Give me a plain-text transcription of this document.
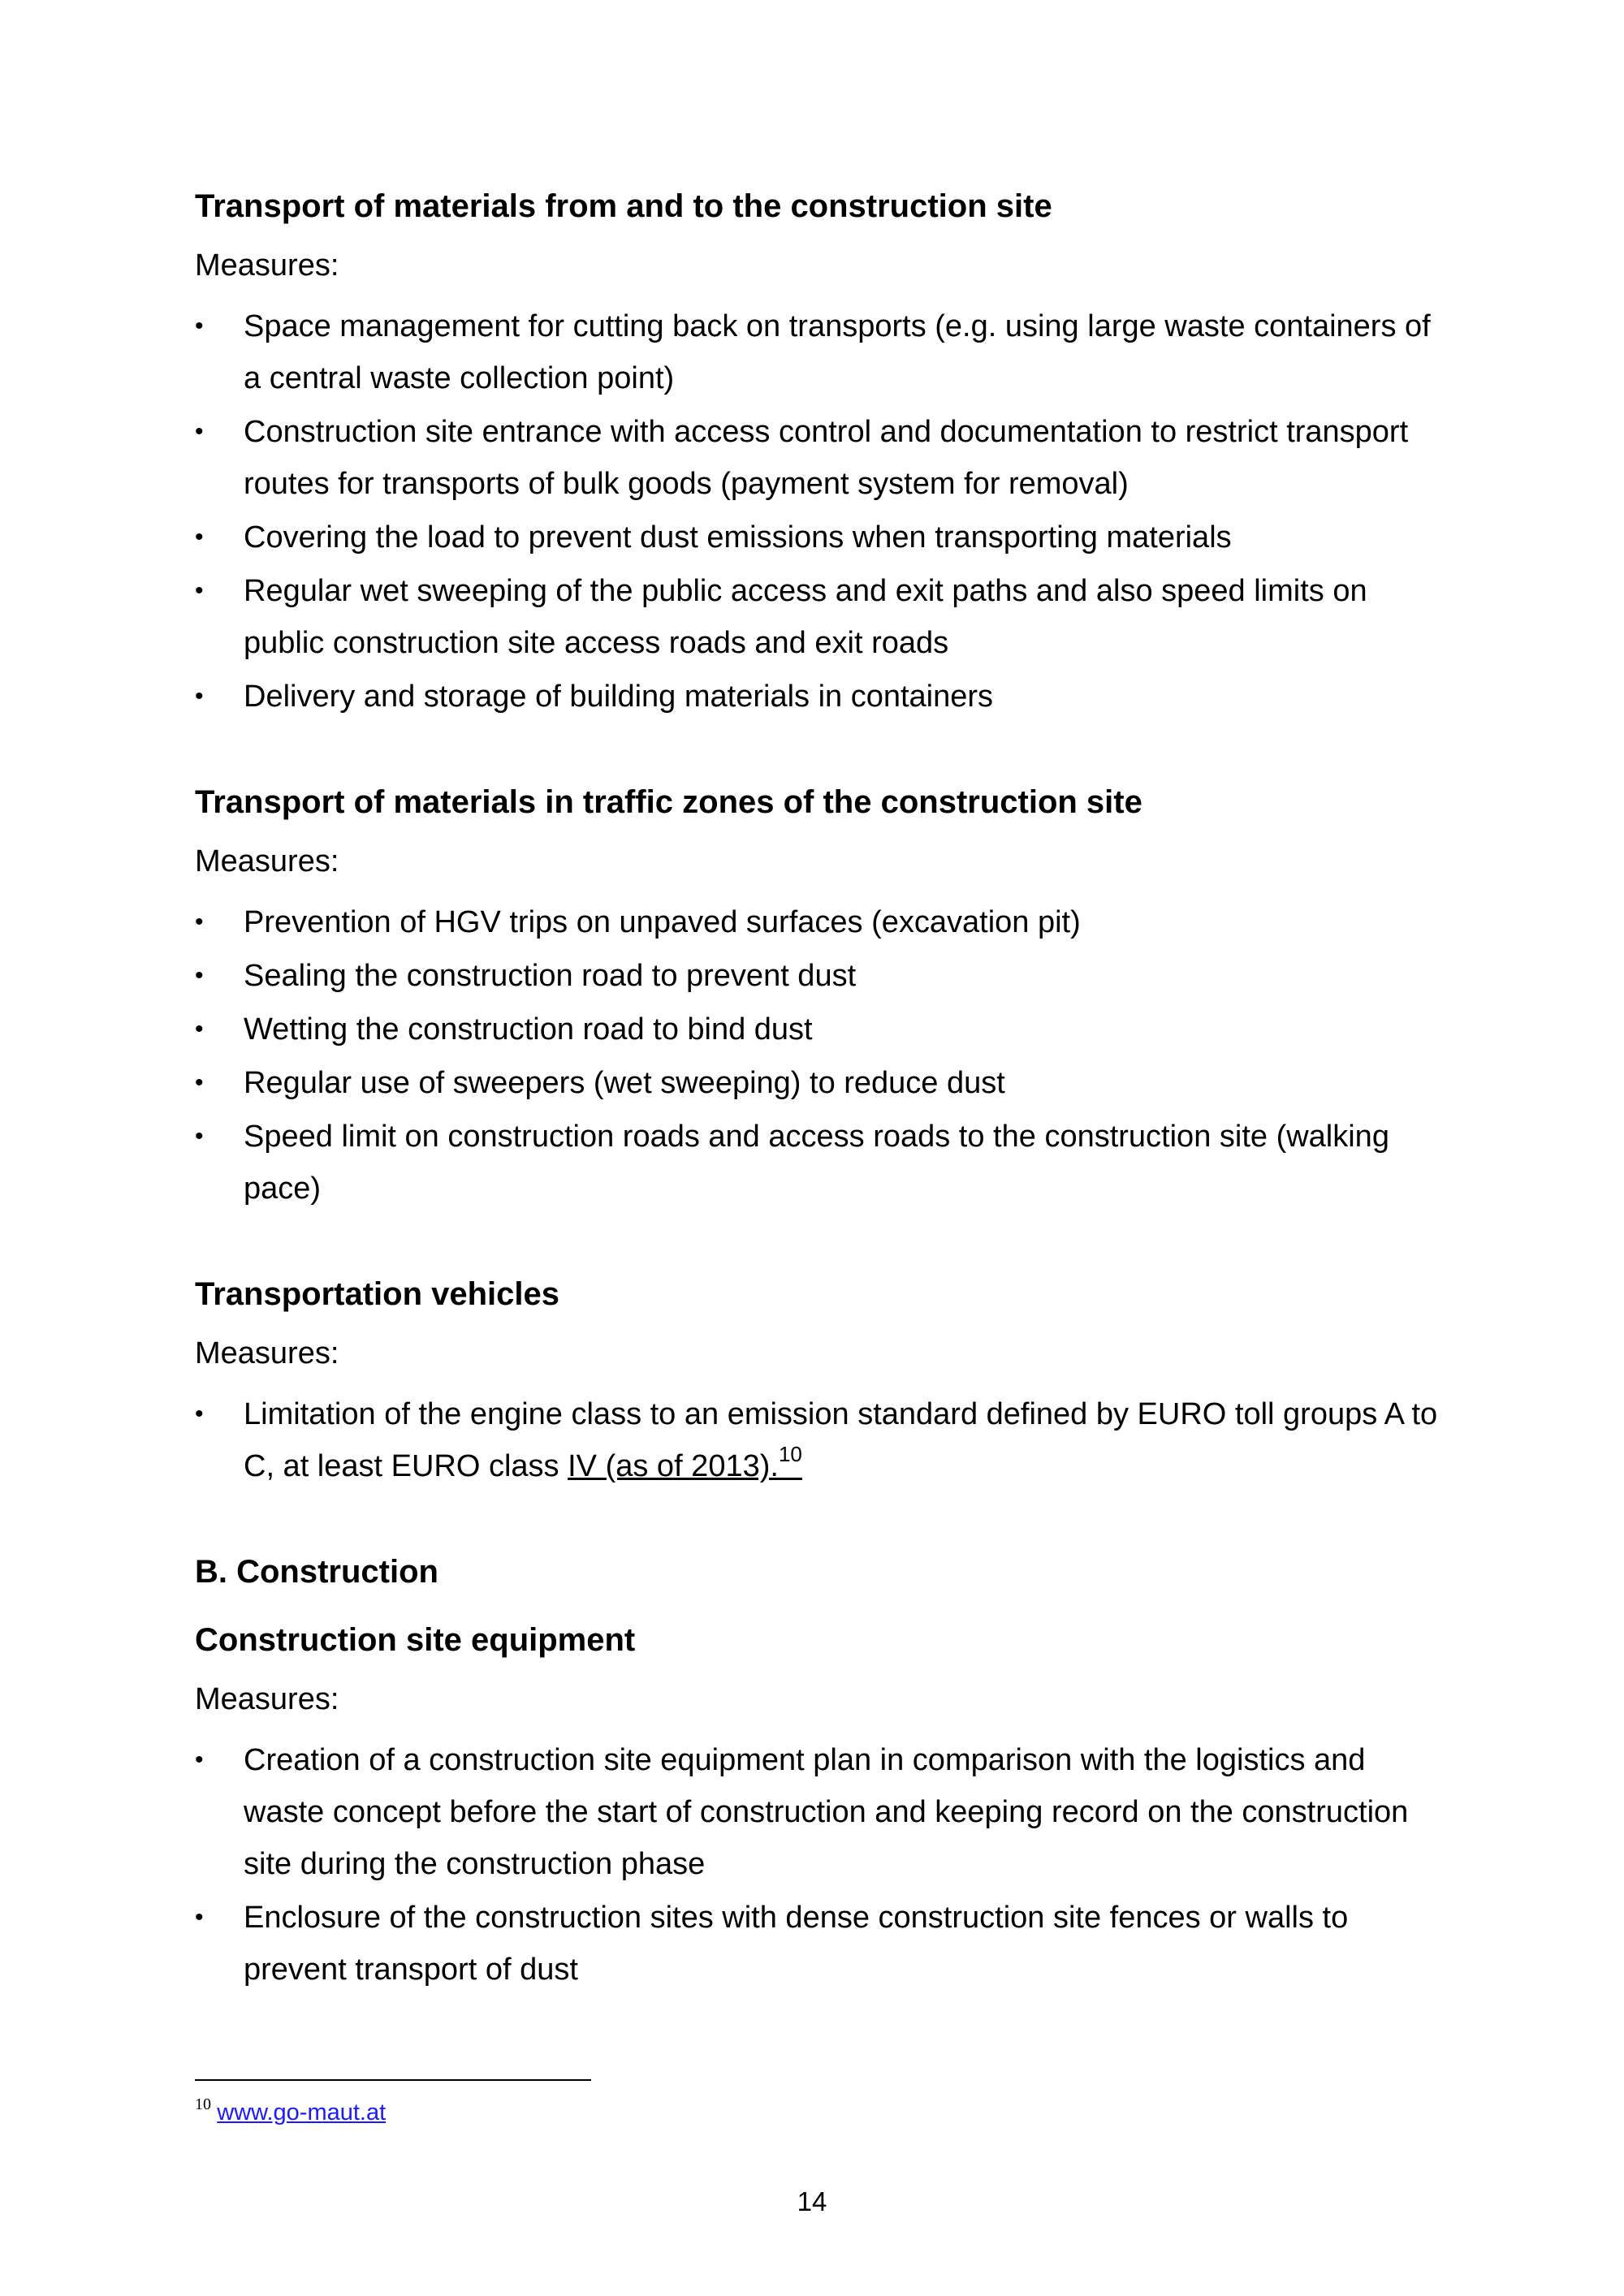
Transport of materials from and to the construction site

Measures:

• Space management for cutting back on transports (e.g. using large waste containers of a central waste collection point)
• Construction site entrance with access control and documentation to restrict transport routes for transports of bulk goods (payment system for removal)
• Covering the load to prevent dust emissions when transporting materials
• Regular wet sweeping of the public access and exit paths and also speed limits on public construction site access roads and exit roads
• Delivery and storage of building materials in containers
Transport of materials in traffic zones of the construction site

Measures:

• Prevention of HGV trips on unpaved surfaces (excavation pit)
• Sealing the construction road to prevent dust
• Wetting the construction road to bind dust
• Regular use of sweepers (wet sweeping) to reduce dust
• Speed limit on construction roads and access roads to the construction site (walking pace)
Transportation vehicles

Measures:

• Limitation of the engine class to an emission standard defined by EURO toll groups A to C, at least EURO class IV (as of 2013).$^{10}$
B. Construction
Construction site equipment

Measures:

• Creation of a construction site equipment plan in comparison with the logistics and waste concept before the start of construction and keeping record on the construction site during the construction phase
• Enclosure of the construction sites with dense construction site fences or walls to prevent transport of dust
$^{10}$ www.go-maut.at
14
